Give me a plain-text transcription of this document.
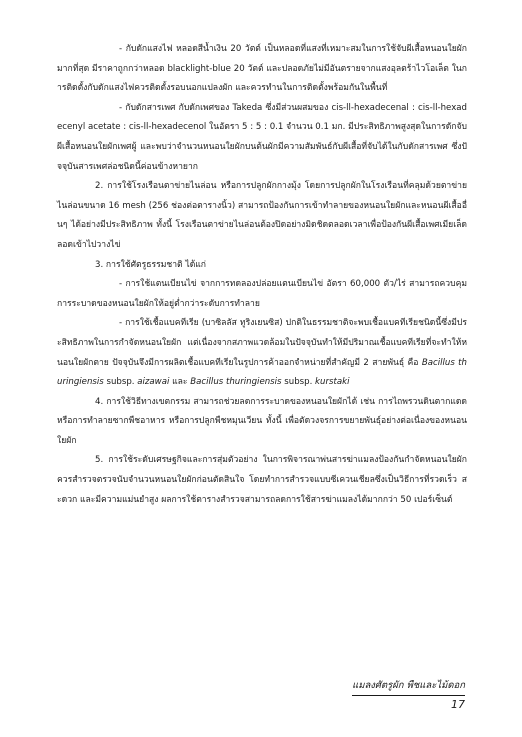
- กับดักแสงไฟ หลอดสีน้ำเงิน 20 วัตต์ เป็นหลอดที่แสงที่เหมาะสมในการใช้จับผีเสื้อหนอนใยผักมากที่สุด มีราคาถูกกว่าหลอด blacklight-blue 20 วัตต์ และปลอดภัยไม่มีอันตรายจากแสงอุลตร้าไวโอเล็ต ในการติดตั้งกับดักแสงไฟควรติดตั้งรอบนอกแปลงผัก และควรทำนในการติดตั้งพร้อมกันในพื้นที่

- กับดักสารเพศ กับดักเพศของ Takeda ซึ่งมีส่วนผสมของ cis-ll-hexadecenal : cis-ll-hexadecenyl acetate : cis-ll-hexadecenol ในอัตรา 5 : 5 : 0.1 จำนวน 0.1 มก. มีประสิทธิภาพสูงสุดในการดักจับผีเสื้อหนอนใยผักเพศผู้ และพบว่าจำนวนหนอนใยผักบนต้นผักมีความสัมพันธ์กับผีเสื้อที่จับได้ในกับดักสารเพศ ซึ่งปัจจุบันสารเพศล่อชนิดนี้ค่อนข้างหายาก

2. การใช้โรงเรือนตาข่ายไนล่อน หรือการปลูกผักกางมุ้ง โดยการปลูกผักในโรงเรือนที่คลุมด้วยตาข่ายไนล่อนขนาด 16 mesh (256 ช่องต่อตารางนิ้ว) สามารถป้องกันการเข้าทำลายของหนอนใยผักและหนอนผีเสื้ออื่นๆ ได้อย่างมีประสิทธิภาพ ทั้งนี้ โรงเรือนตาข่ายไนล่อนต้องปิดอย่างมิดชิดตลอดเวลาเพื่อป้องกันผีเสื้อเพศเมียเล็ดลอดเข้าไปวางไข่

3. การใช้ศัตรูธรรมชาติ ได้แก่

- การใช้แตนเบียนไข่ จากการทดลองปล่อยแตนเบียนไข่ อัตรา 60,000 ตัว/ไร่ สามารถควบคุมการระบาดของหนอนใยผักให้อยู่ต่ำกว่าระดับการทำลาย

- การใช้เชื้อแบคทีเรีย (บาซิลลัส ทูริงเยนซิส) ปกติในธรรมชาติจะพบเชื้อแบคทีเรียชนิดนี้ซึ่งมีประสิทธิภาพในการกำจัดหนอนใยผัก แต่เนื่องจากสภาพแวดล้อมในปัจจุบันทำให้มีปริมาณเชื้อแบคทีเรียที่จะทำให้หนอนใยผักตาย ปัจจุบันจึงมีการผลิตเชื้อแบคทีเรียในรูปการค้าออกจำหน่ายที่สำคัญมี 2 สายพันธุ์ คือ Bacillus thuringiensis subsp. aizawai และ Bacillus thuringiensis subsp. kurstaki

4. การใช้วิธีทางเขตกรรม สามารถช่วยลดการระบาดของหนอนใยผักได้ เช่น การไถพรวนดินตากแดด หรือการทำลายซากพืชอาหาร หรือการปลูกพืชหมุนเวียน ทั้งนี้ เพื่อตัดวงจรการขยายพันธุ์อย่างต่อเนื่องของหนอนใยผัก

5. การใช้ระดับเศรษฐกิจและการสุ่มตัวอย่าง ในการพิจารณาพ่นสารฆ่าแมลงป้องกันกำจัดหนอนใยผัก ควรสำรวจตรวจนับจำนวนหนอนใยผักก่อนตัดสินใจ โดยทำการสำรวจแบบซีเควนเชียลซึ่งเป็นวิธีการที่รวดเร็ว สะดวก และมีความแม่นยำสูง ผลการใช้ตารางสำรวจสามารถลดการใช้สารฆ่าแมลงได้มากกว่า 50 เปอร์เซ็นต์

แมลงศัตรูผัก พืชและไม้ดอก
17
